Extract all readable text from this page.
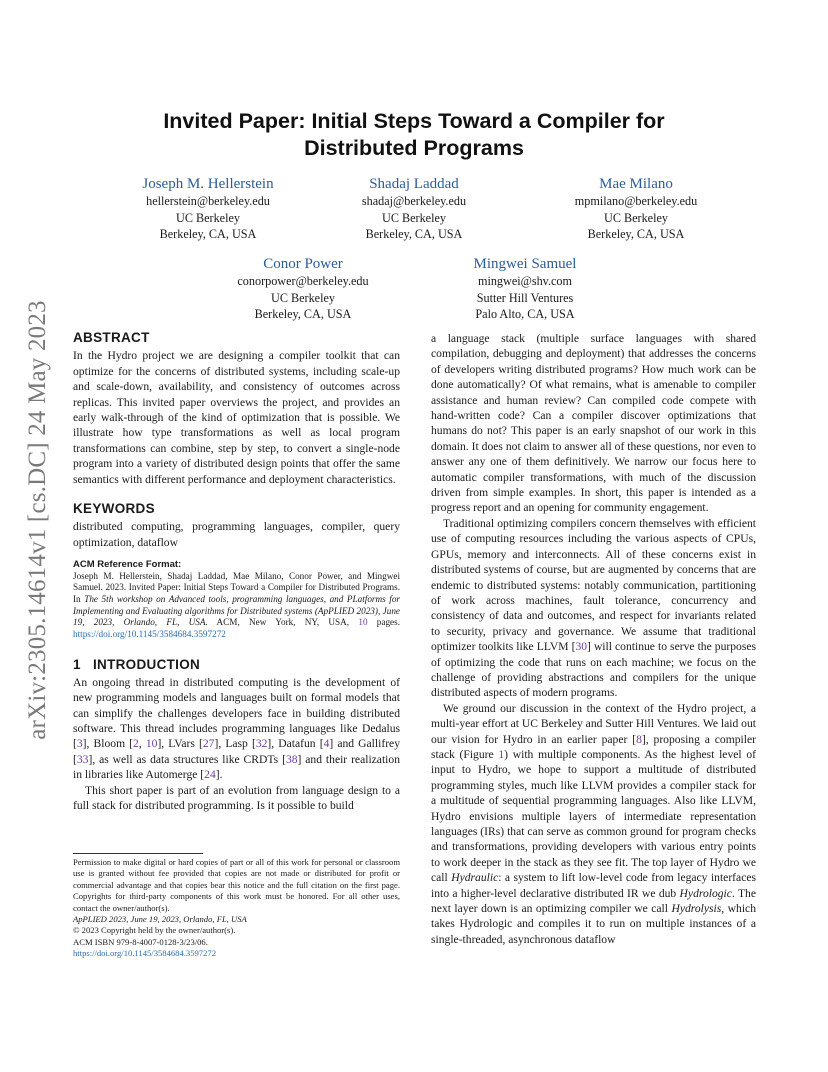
arXiv:2305.14614v1 [cs.DC] 24 May 2023
Invited Paper: Initial Steps Toward a Compiler for
Distributed Programs
Joseph M. Hellerstein
hellerstein@berkeley.edu
UC Berkeley
Berkeley, CA, USA
Shadaj Laddad
shadaj@berkeley.edu
UC Berkeley
Berkeley, CA, USA
Mae Milano
mpmilano@berkeley.edu
UC Berkeley
Berkeley, CA, USA
Conor Power
conorpower@berkeley.edu
UC Berkeley
Berkeley, CA, USA
Mingwei Samuel
mingwei@shv.com
Sutter Hill Ventures
Palo Alto, CA, USA
ABSTRACT

In the Hydro project we are designing a compiler toolkit that can optimize for the concerns of distributed systems, including scale-up and scale-down, availability, and consistency of outcomes across replicas. This invited paper overviews the project, and provides an early walk-through of the kind of optimization that is possible. We illustrate how type transformations as well as local program transformations can combine, step by step, to convert a single-node program into a variety of distributed design points that offer the same semantics with different performance and deployment characteristics.

KEYWORDS

distributed computing, programming languages, compiler, query optimization, dataflow

ACM Reference Format:
Joseph M. Hellerstein, Shadaj Laddad, Mae Milano, Conor Power, and Mingwei Samuel. 2023. Invited Paper: Initial Steps Toward a Compiler for Distributed Programs. In The 5th workshop on Advanced tools, programming languages, and PLatforms for Implementing and Evaluating algorithms for Distributed systems (ApPLIED 2023), June 19, 2023, Orlando, FL, USA. ACM, New York, NY, USA, 10 pages. https://doi.org/10.1145/3584684.3597272
1 INTRODUCTION

An ongoing thread in distributed computing is the development of new programming models and languages built on formal models that can simplify the challenges developers face in building distributed software. This thread includes programming languages like Dedalus [3], Bloom [2, 10], LVars [27], Lasp [32], Datafun [4] and Gallifrey [33], as well as data structures like CRDTs [38] and their realization in libraries like Automerge [24].

This short paper is part of an evolution from language design to a full stack for distributed programming. Is it possible to build

Permission to make digital or hard copies of part or all of this work for personal or classroom use is granted without fee provided that copies are not made or distributed for profit or commercial advantage and that copies bear this notice and the full citation on the first page. Copyrights for third-party components of this work must be honored. For all other uses, contact the owner/author(s).

ApPLIED 2023, June 19, 2023, Orlando, FL, USA

© 2023 Copyright held by the owner/author(s).

ACM ISBN 979-8-4007-0128-3/23/06.

https://doi.org/10.1145/3584684.3597272

a language stack (multiple surface languages with shared compilation, debugging and deployment) that addresses the concerns of developers writing distributed programs? How much work can be done automatically? Of what remains, what is amenable to compiler assistance and human review? Can compiled code compete with hand-written code? Can a compiler discover optimizations that humans do not? This paper is an early snapshot of our work in this domain. It does not claim to answer all of these questions, nor even to answer any one of them definitively. We narrow our focus here to automatic compiler transformations, with much of the discussion driven from simple examples. In short, this paper is intended as a progress report and an opening for community engagement.

Traditional optimizing compilers concern themselves with efficient use of computing resources including the various aspects of CPUs, GPUs, memory and interconnects. All of these concerns exist in distributed systems of course, but are augmented by concerns that are endemic to distributed systems: notably communication, partitioning of work across machines, fault tolerance, concurrency and consistency of data and outcomes, and respect for invariants related to security, privacy and governance. We assume that traditional optimizer toolkits like LLVM [30] will continue to serve the purposes of optimizing the code that runs on each machine; we focus on the challenge of providing abstractions and compilers for the unique distributed aspects of modern programs.

We ground our discussion in the context of the Hydro project, a multi-year effort at UC Berkeley and Sutter Hill Ventures. We laid out our vision for Hydro in an earlier paper [8], proposing a compiler stack (Figure 1) with multiple components. As the highest level of input to Hydro, we hope to support a multitude of distributed programming styles, much like LLVM provides a compiler stack for a multitude of sequential programming languages. Also like LLVM, Hydro envisions multiple layers of intermediate representation languages (IRs) that can serve as common ground for program checks and transformations, providing developers with various entry points to work deeper in the stack as they see fit. The top layer of Hydro we call Hydraulic: a system to lift low-level code from legacy interfaces into a higher-level declarative distributed IR we dub Hydrologic. The next layer down is an optimizing compiler we call Hydrolysis, which takes Hydrologic and compiles it to run on multiple instances of a single-threaded, asynchronous dataflow
